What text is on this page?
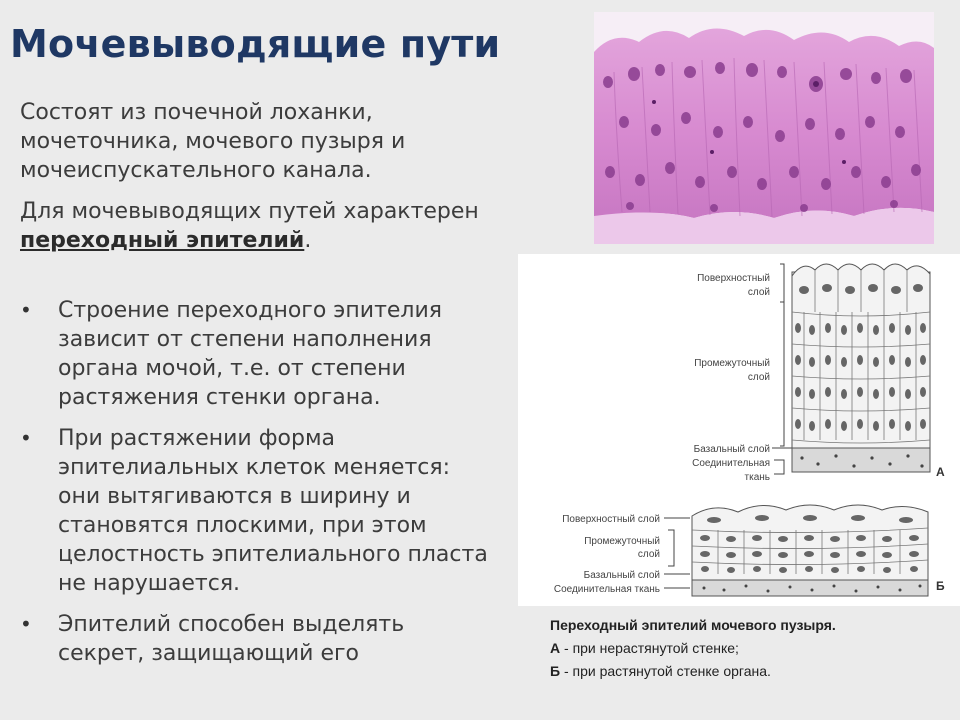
Мочевыводящие пути

Состоят из почечной лоханки, мочеточника, мочевого пузыря и мочеиспускательного канала.

Для мочевыводящих путей характерен переходный эпителий.

• Строение переходного эпителия зависит от степени наполнения органа мочой, т.е. от степени растяжения стенки органа.
• При растяжении форма эпителиальных клеток меняется: они вытягиваются в ширину и становятся плоскими, при этом целостность эпителиального пласта не нарушается.
• Эпителий способен выделять секрет, защищающий его
Поверхностный
слой
Промежуточный
слой
Базальный слой
Соединительная
ткань	А
Поверхностный слой
Промежуточный
слой
Базальный слой
Соединительная ткань	Б
Переходный эпителий мочевого пузыря.
А - при нерастянутой стенке;
Б - при растянутой стенке органа.
